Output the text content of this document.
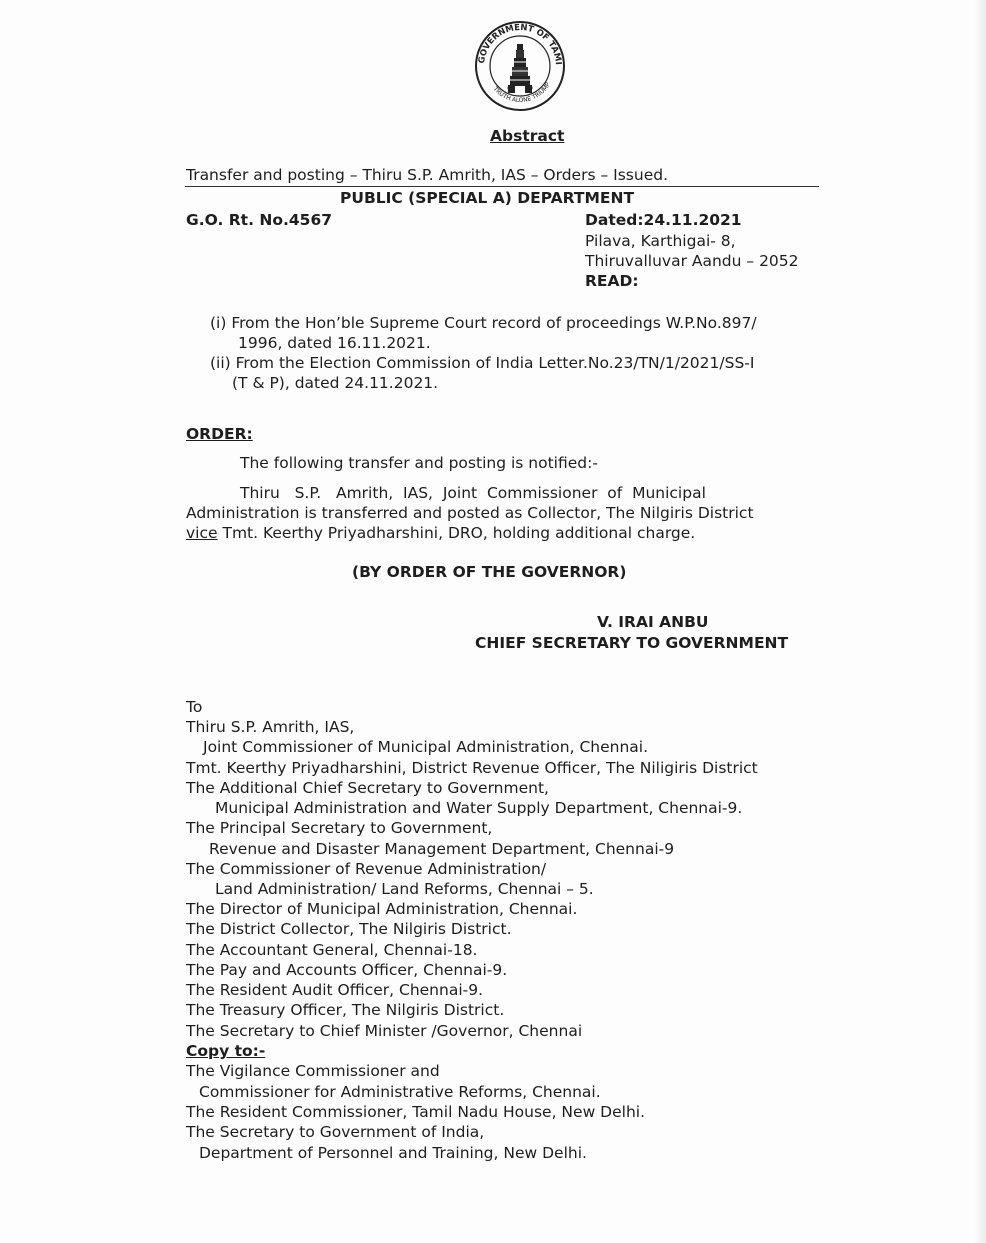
GOVERNMENT OF TAMI
TRUTH ALONE TRIUMP
Abstract
Transfer and posting – Thiru S.P. Amrith, IAS – Orders – Issued.
PUBLIC (SPECIAL A) DEPARTMENT
G.O. Rt. No.4567	Dated:24.11.2021
Pilava, Karthigai- 8,
Thiruvalluvar Aandu – 2052
READ:
(i) From the Hon’ble Supreme Court record of proceedings W.P.No.897/
1996, dated 16.11.2021.
(ii) From the Election Commission of India Letter.No.23/TN/1/2021/SS-I
(T & P), dated 24.11.2021.
ORDER:
The following transfer and posting is notified:-
Thiru   S.P.   Amrith,  IAS,  Joint  Commissioner  of  Municipal
Administration is transferred and posted as Collector, The Nilgiris District
vice Tmt. Keerthy Priyadharshini, DRO, holding additional charge.
(BY ORDER OF THE GOVERNOR)
V. IRAI ANBU
CHIEF SECRETARY TO GOVERNMENT
To
Thiru S.P. Amrith, IAS,
Joint Commissioner of Municipal Administration, Chennai.
Tmt. Keerthy Priyadharshini, District Revenue Officer, The Niligiris District
The Additional Chief Secretary to Government,
Municipal Administration and Water Supply Department, Chennai-9.
The Principal Secretary to Government,
Revenue and Disaster Management Department, Chennai-9
The Commissioner of Revenue Administration/
Land Administration/ Land Reforms, Chennai – 5.
The Director of Municipal Administration, Chennai.
The District Collector, The Nilgiris District.
The Accountant General, Chennai-18.
The Pay and Accounts Officer, Chennai-9.
The Resident Audit Officer, Chennai-9.
The Treasury Officer, The Nilgiris District.
The Secretary to Chief Minister /Governor, Chennai
Copy to:-
The Vigilance Commissioner and
Commissioner for Administrative Reforms, Chennai.
The Resident Commissioner, Tamil Nadu House, New Delhi.
The Secretary to Government of India,
Department of Personnel and Training, New Delhi.
